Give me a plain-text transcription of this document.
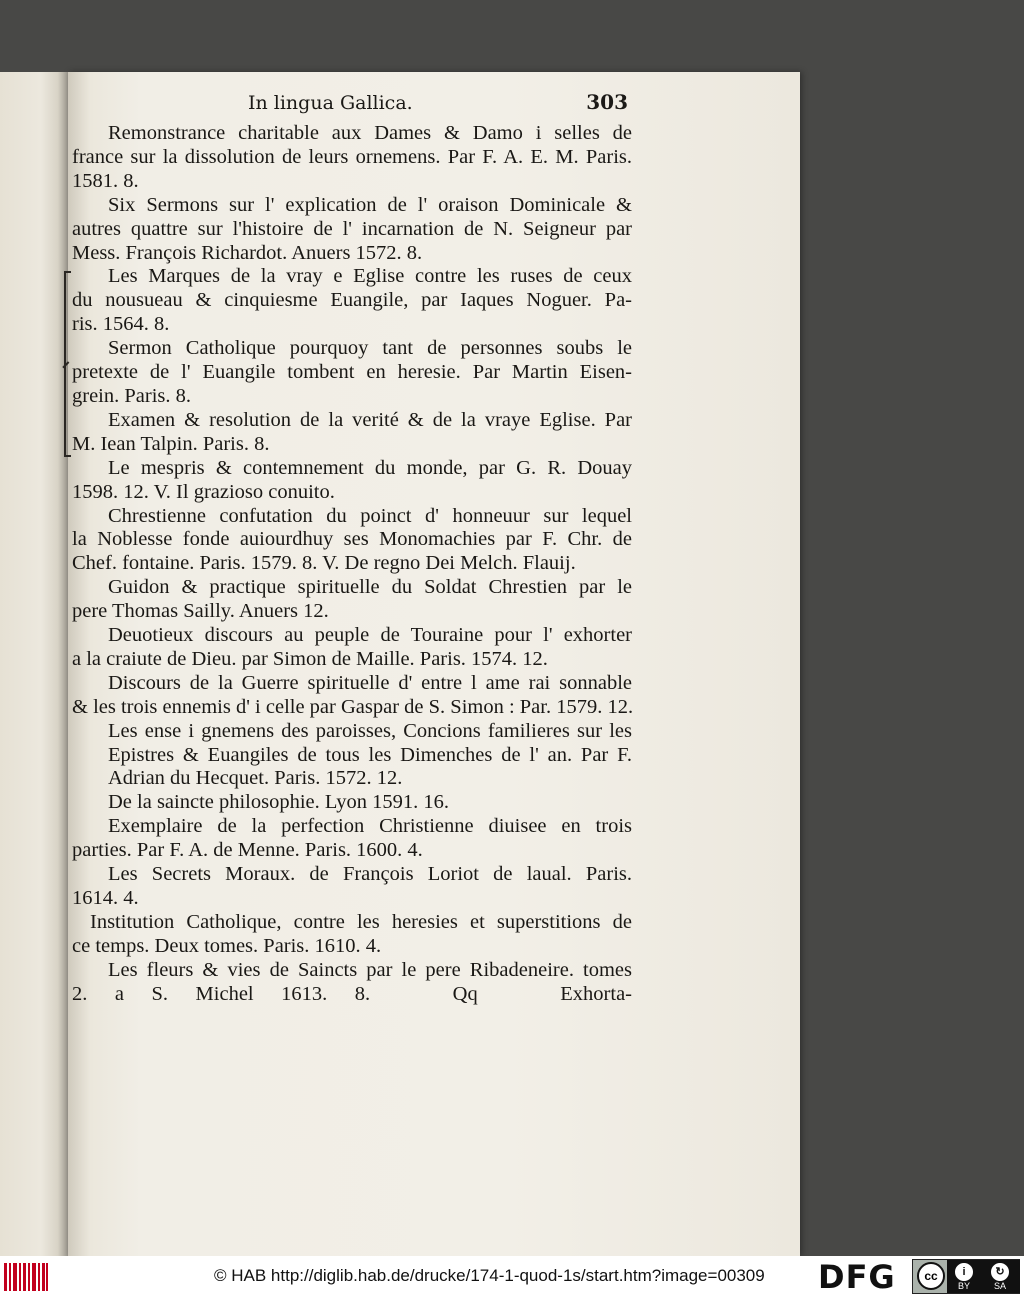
In lingua Gallica.	303
Remonstrance charitable aux Dames & Damo i selles de
france sur la dissolution de leurs ornemens. Par F. A. E. M. Paris.
1581. 8.
Six Sermons sur l' explication de l' oraison Dominicale &
autres quattre sur l'histoire de l' incarnation de N. Seigneur par
Mess. François Richardot. Anuers 1572. 8.
Les Marques de la vray e Eglise contre les ruses de ceux
du nousueau & cinquiesme Euangile, par Iaques Noguer. Pa-
ris. 1564. 8.
Sermon Catholique pourquoy tant de personnes soubs le
pretexte de l' Euangile tombent en heresie. Par Martin Eisen-
grein. Paris. 8.
Examen & resolution de la verité & de la vraye Eglise. Par
M. Iean Talpin. Paris. 8.
Le mespris & contemnement du monde, par G. R. Douay
1598. 12. V. Il grazioso conuito.
Chrestienne confutation du poinct d' honneuur sur lequel
la Noblesse fonde auiourdhuy ses Monomachies par F. Chr. de
Chef. fontaine. Paris. 1579. 8. V. De regno Dei Melch. Flauij.
Guidon & practique spirituelle du Soldat Chrestien par le
pere Thomas Sailly. Anuers 12.
Deuotieux discours au peuple de Touraine pour l' exhorter
a la craiute de Dieu. par Simon de Maille. Paris. 1574. 12.
Discours de la Guerre spirituelle d' entre l ame rai sonnable
& les trois ennemis d' i celle par Gaspar de S. Simon : Par. 1579. 12.
Les ense i gnemens des paroisses, Concions familieres sur les
Epistres & Euangiles de tous les Dimenches de l' an. Par F.
Adrian du Hecquet. Paris. 1572. 12.
De la saincte philosophie. Lyon 1591. 16.
Exemplaire de la perfection Christienne diuisee en trois
parties. Par F. A. de Menne. Paris. 1600. 4.
Les Secrets Moraux. de François Loriot de laual. Paris.
1614. 4.
Institution Catholique, contre les heresies et superstitions de
ce temps. Deux tomes. Paris. 1610. 4.
Les fleurs & vies de Saincts par le pere Ribadeneire. tomes
2. a S. Michel 1613. 8.   Qq   Exhorta-
© HAB http://diglib.hab.de/drucke/174-1-quod-1s/start.htm?image=00309 DFG	cc	i
BY
↻
SA
